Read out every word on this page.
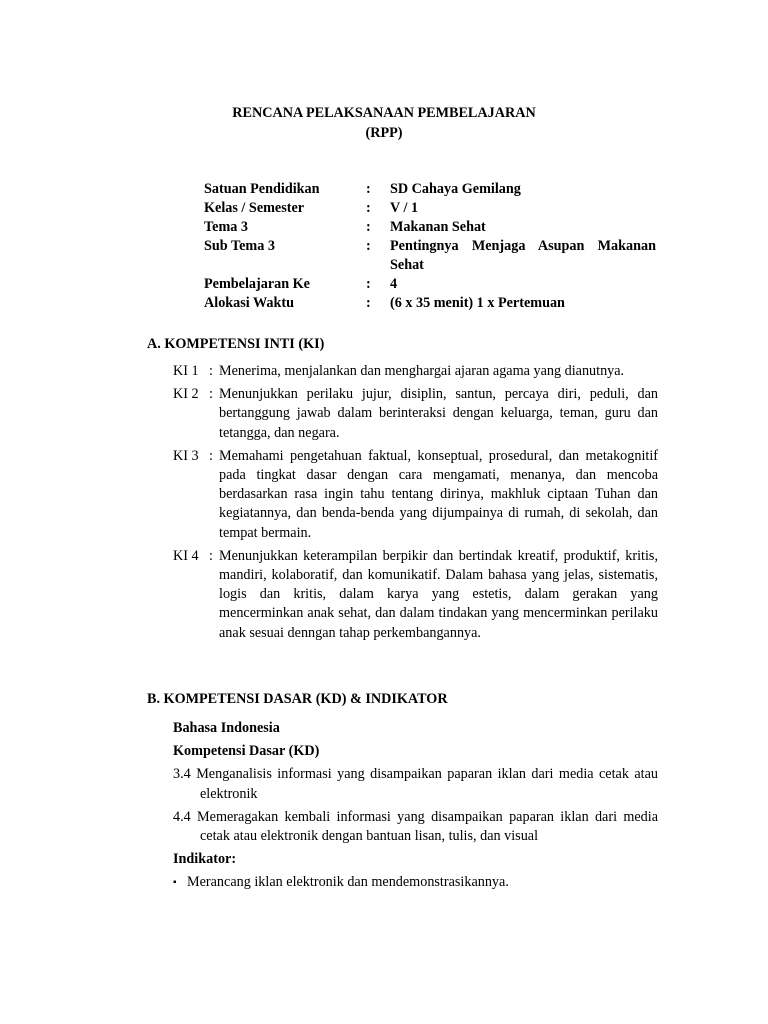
RENCANA PELAKSANAAN PEMBELAJARAN
(RPP)
Satuan Pendidikan	:	SD Cahaya Gemilang
Kelas / Semester	:	V / 1
Tema 3	:	Makanan Sehat
Sub Tema 3	:	Pentingnya Menjaga Asupan Makanan
Sehat
Pembelajaran Ke	:	4
Alokasi Waktu	:	(6 x 35 menit) 1 x Pertemuan
A. KOMPETENSI INTI (KI)
KI 1 : Menerima, menjalankan dan menghargai ajaran agama yang dianutnya.
KI 2 : Menunjukkan perilaku jujur, disiplin, santun, percaya diri, peduli, dan bertanggung jawab dalam berinteraksi dengan keluarga, teman, guru dan tetangga, dan negara.
KI 3 : Memahami pengetahuan faktual, konseptual, prosedural, dan metakognitif pada tingkat dasar dengan cara mengamati, menanya, dan mencoba berdasarkan rasa ingin tahu tentang dirinya, makhluk ciptaan Tuhan dan kegiatannya, dan benda-benda yang dijumpainya di rumah, di sekolah, dan tempat bermain.
KI 4 : Menunjukkan keterampilan berpikir dan bertindak kreatif, produktif, kritis, mandiri, kolaboratif, dan komunikatif. Dalam bahasa yang jelas, sistematis, logis dan kritis, dalam karya yang estetis, dalam gerakan yang mencerminkan anak sehat, dan dalam tindakan yang mencerminkan perilaku anak sesuai denngan tahap perkembangannya.
B. KOMPETENSI DASAR (KD) & INDIKATOR
Bahasa Indonesia
Kompetensi Dasar (KD)
3.4 Menganalisis informasi yang disampaikan paparan iklan dari media cetak atau elektronik
4.4 Memeragakan kembali informasi yang disampaikan paparan iklan dari media cetak atau elektronik dengan bantuan lisan, tulis, dan visual
Indikator:
▪ Merancang iklan elektronik dan mendemonstrasikannya.
